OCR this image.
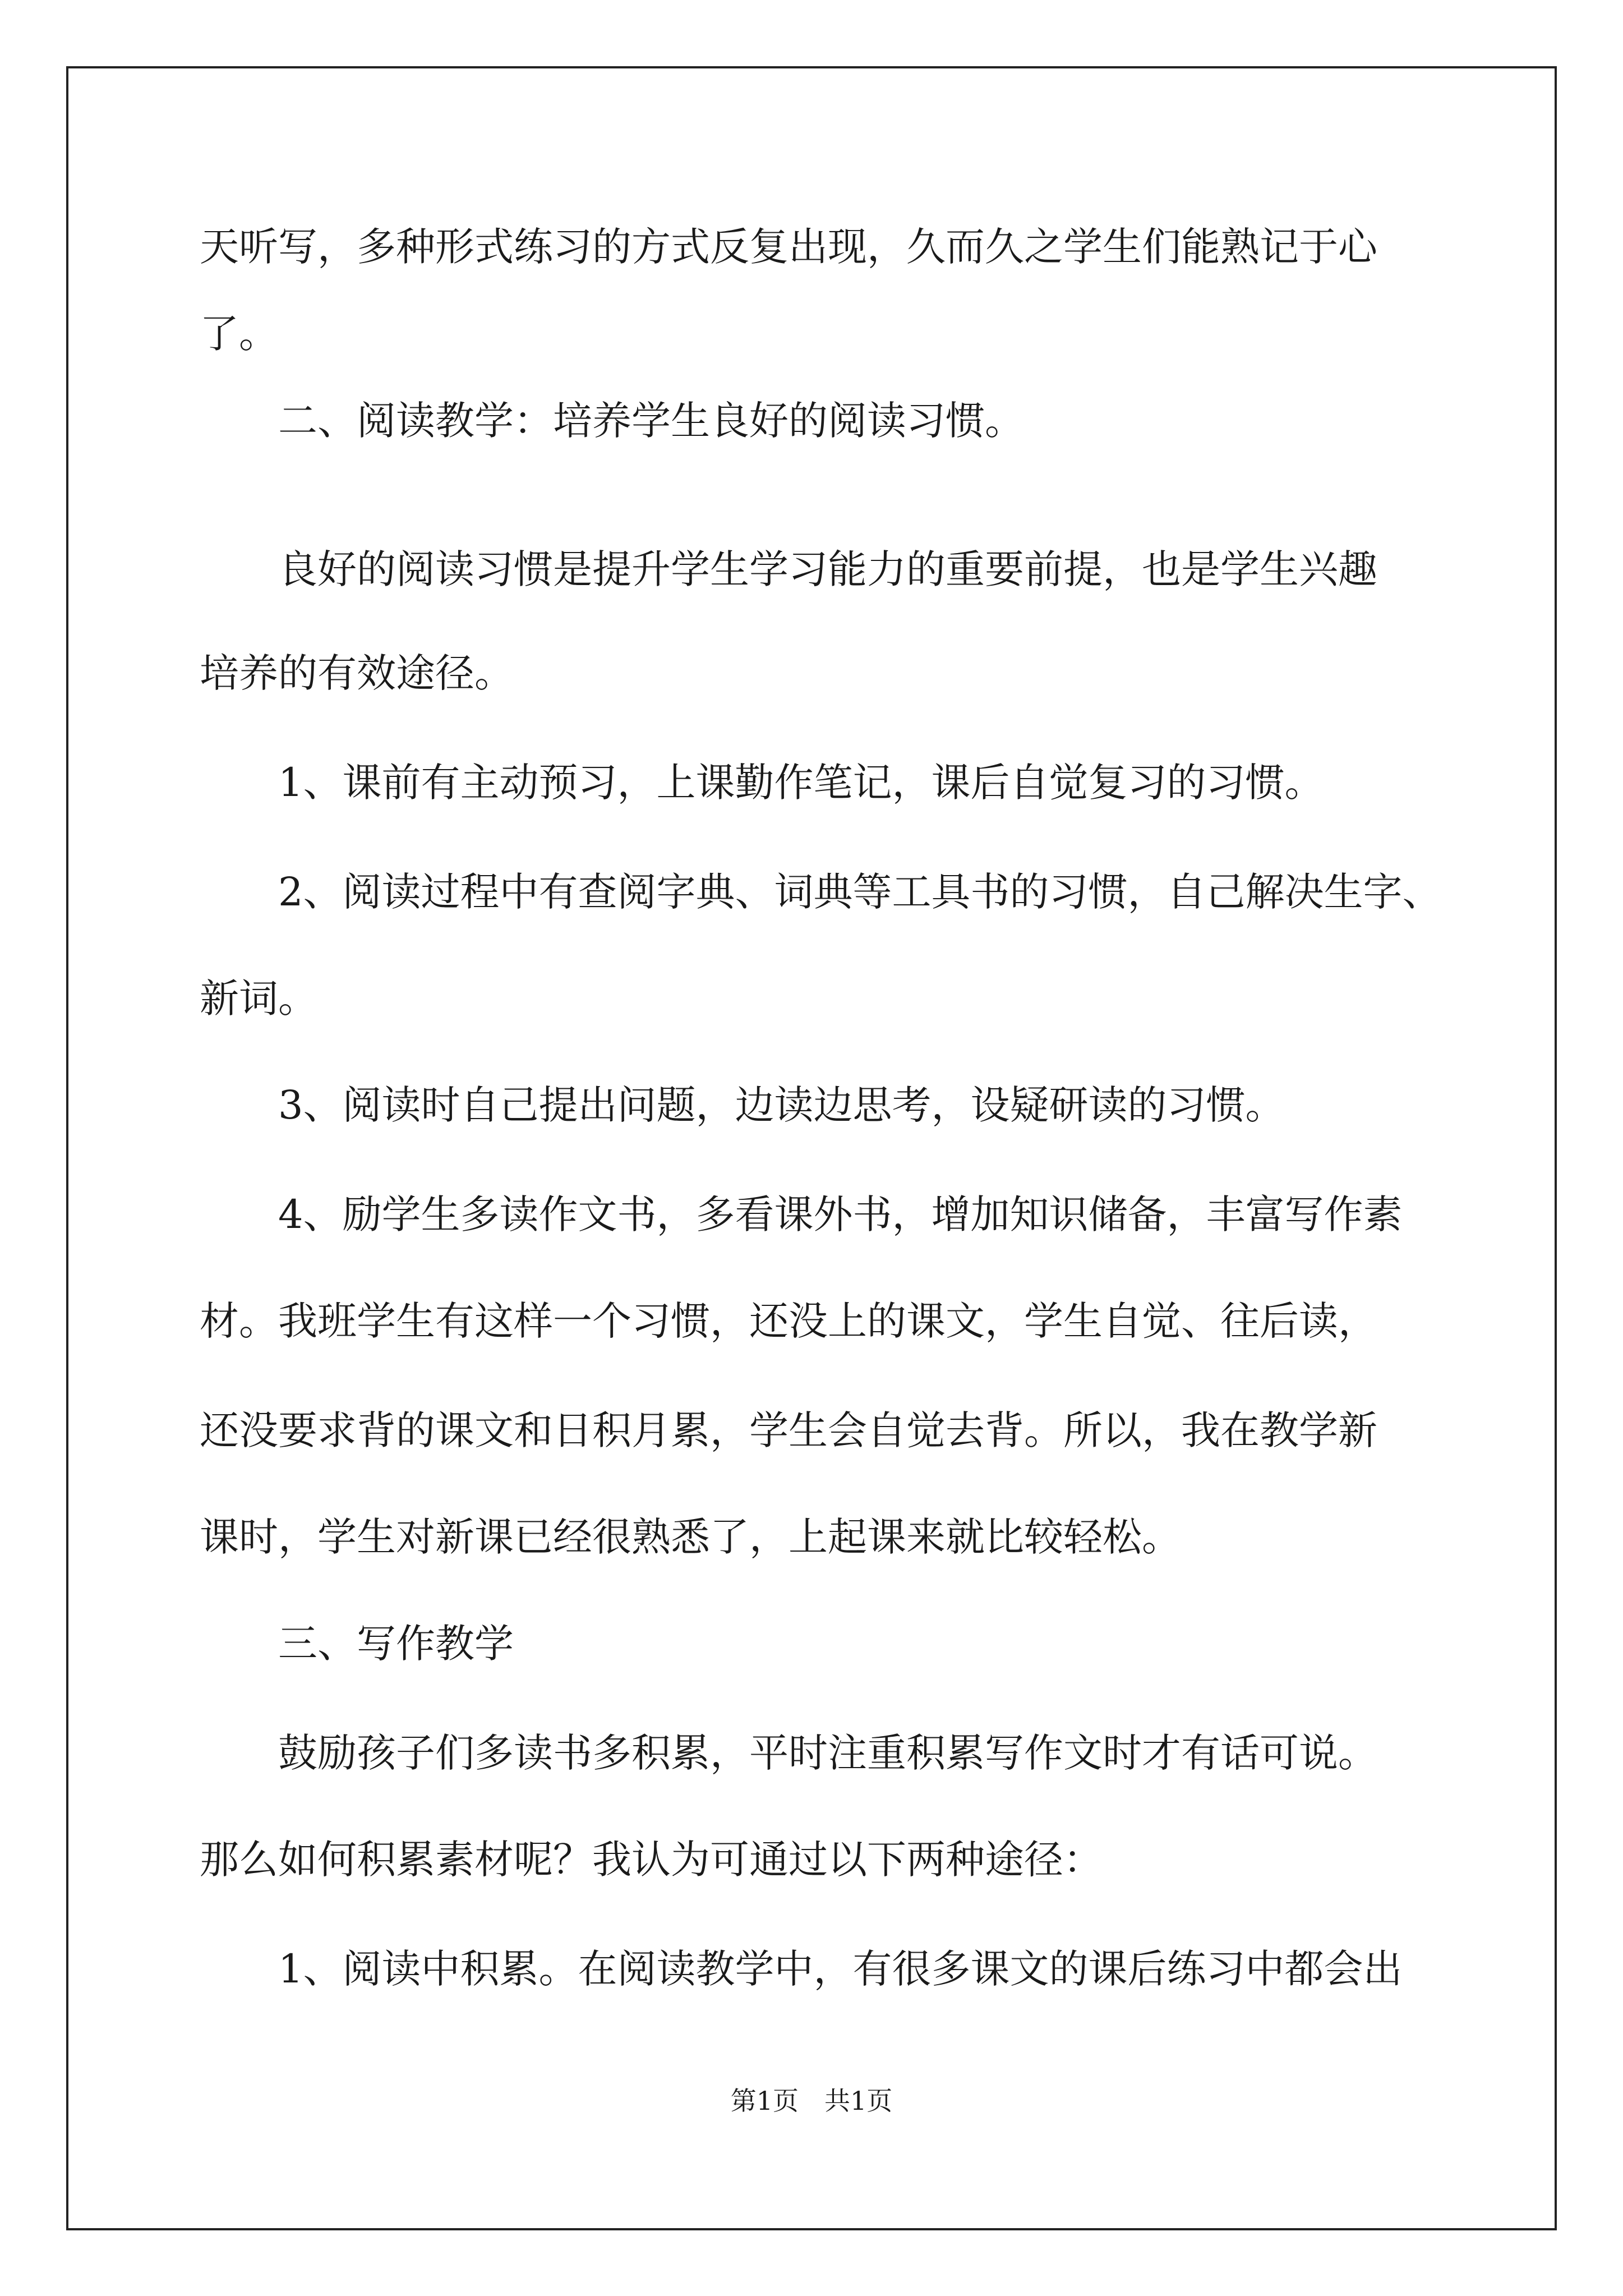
天听写，多种形式练习的方式反复出现，久而久之学生们能熟记于心
了。
二、阅读教学：培养学生良好的阅读习惯。
良好的阅读习惯是提升学生学习能力的重要前提，也是学生兴趣
培养的有效途径。
1、课前有主动预习，上课勤作笔记，课后自觉复习的习惯。
2、阅读过程中有查阅字典、词典等工具书的习惯，自己解决生字、
新词。
3、阅读时自己提出问题，边读边思考，设疑研读的习惯。
4、励学生多读作文书，多看课外书，增加知识储备，丰富写作素
材。我班学生有这样一个习惯，还没上的课文，学生自觉、往后读，
还没要求背的课文和日积月累，学生会自觉去背。所以，我在教学新
课时，学生对新课已经很熟悉了，上起课来就比较轻松。
三、写作教学
鼓励孩子们多读书多积累，平时注重积累写作文时才有话可说。
那么如何积累素材呢？我认为可通过以下两种途径：
1、阅读中积累。在阅读教学中，有很多课文的课后练习中都会出
第1页　共1页
